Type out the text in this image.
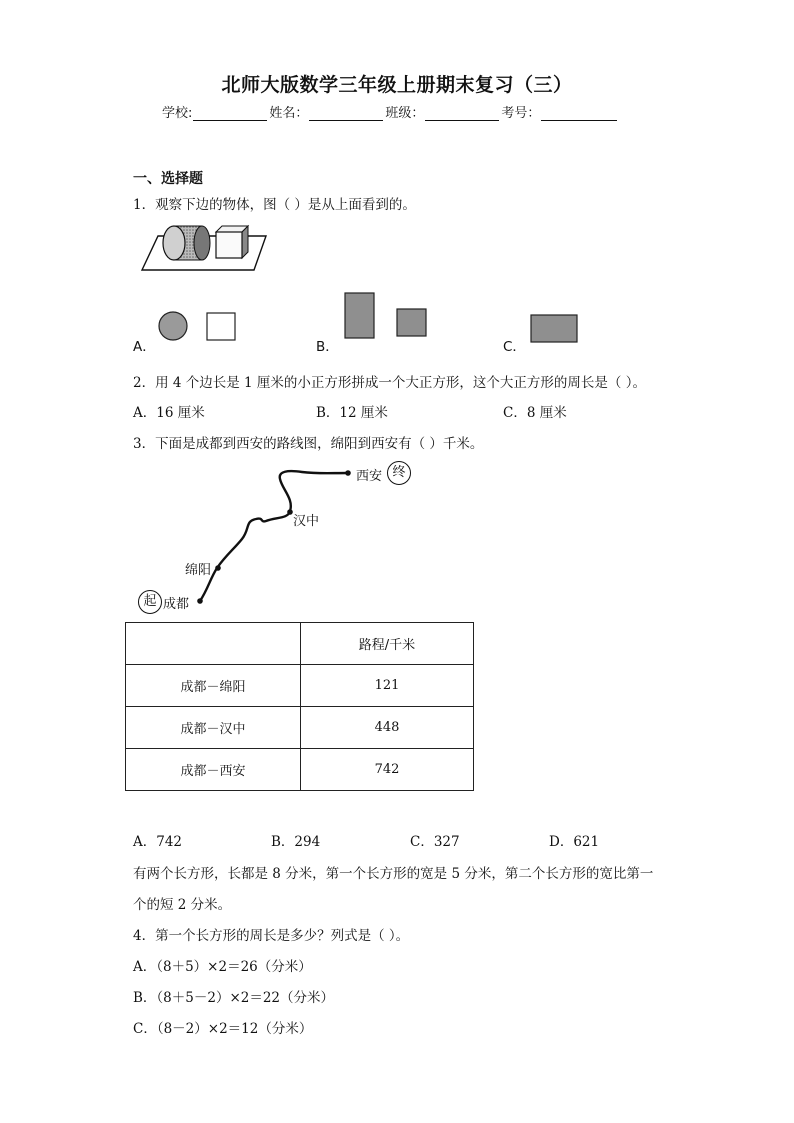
北师大版数学三年级上册期末复习（三）
学校:	姓名：	班级：	考号：
一、选择题
1．观察下边的物体，图（ ）是从上面看到的。
A．	B．	C．
2．用 4 个边长是 1 厘米的小正方形拼成一个大正方形，这个大正方形的周长是（ ）。
A．16 厘米	B．12 厘米	C．8 厘米
3．下面是成都到西安的路线图，绵阳到西安有（ ）千米。
起 成都
绵阳
汉中
西安 终
	路程/千米
成都－绵阳	121
成都－汉中	448
成都－西安	742
A．742	B．294	C．327	D．621
有两个长方形，长都是 8 分米，第一个长方形的宽是 5 分米，第二个长方形的宽比第一
个的短 2 分米。
4．第一个长方形的周长是多少？列式是（ ）。
A．（8＋5）×2＝26（分米）
B．（8＋5－2）×2＝22（分米）
C．（8－2）×2＝12（分米）
